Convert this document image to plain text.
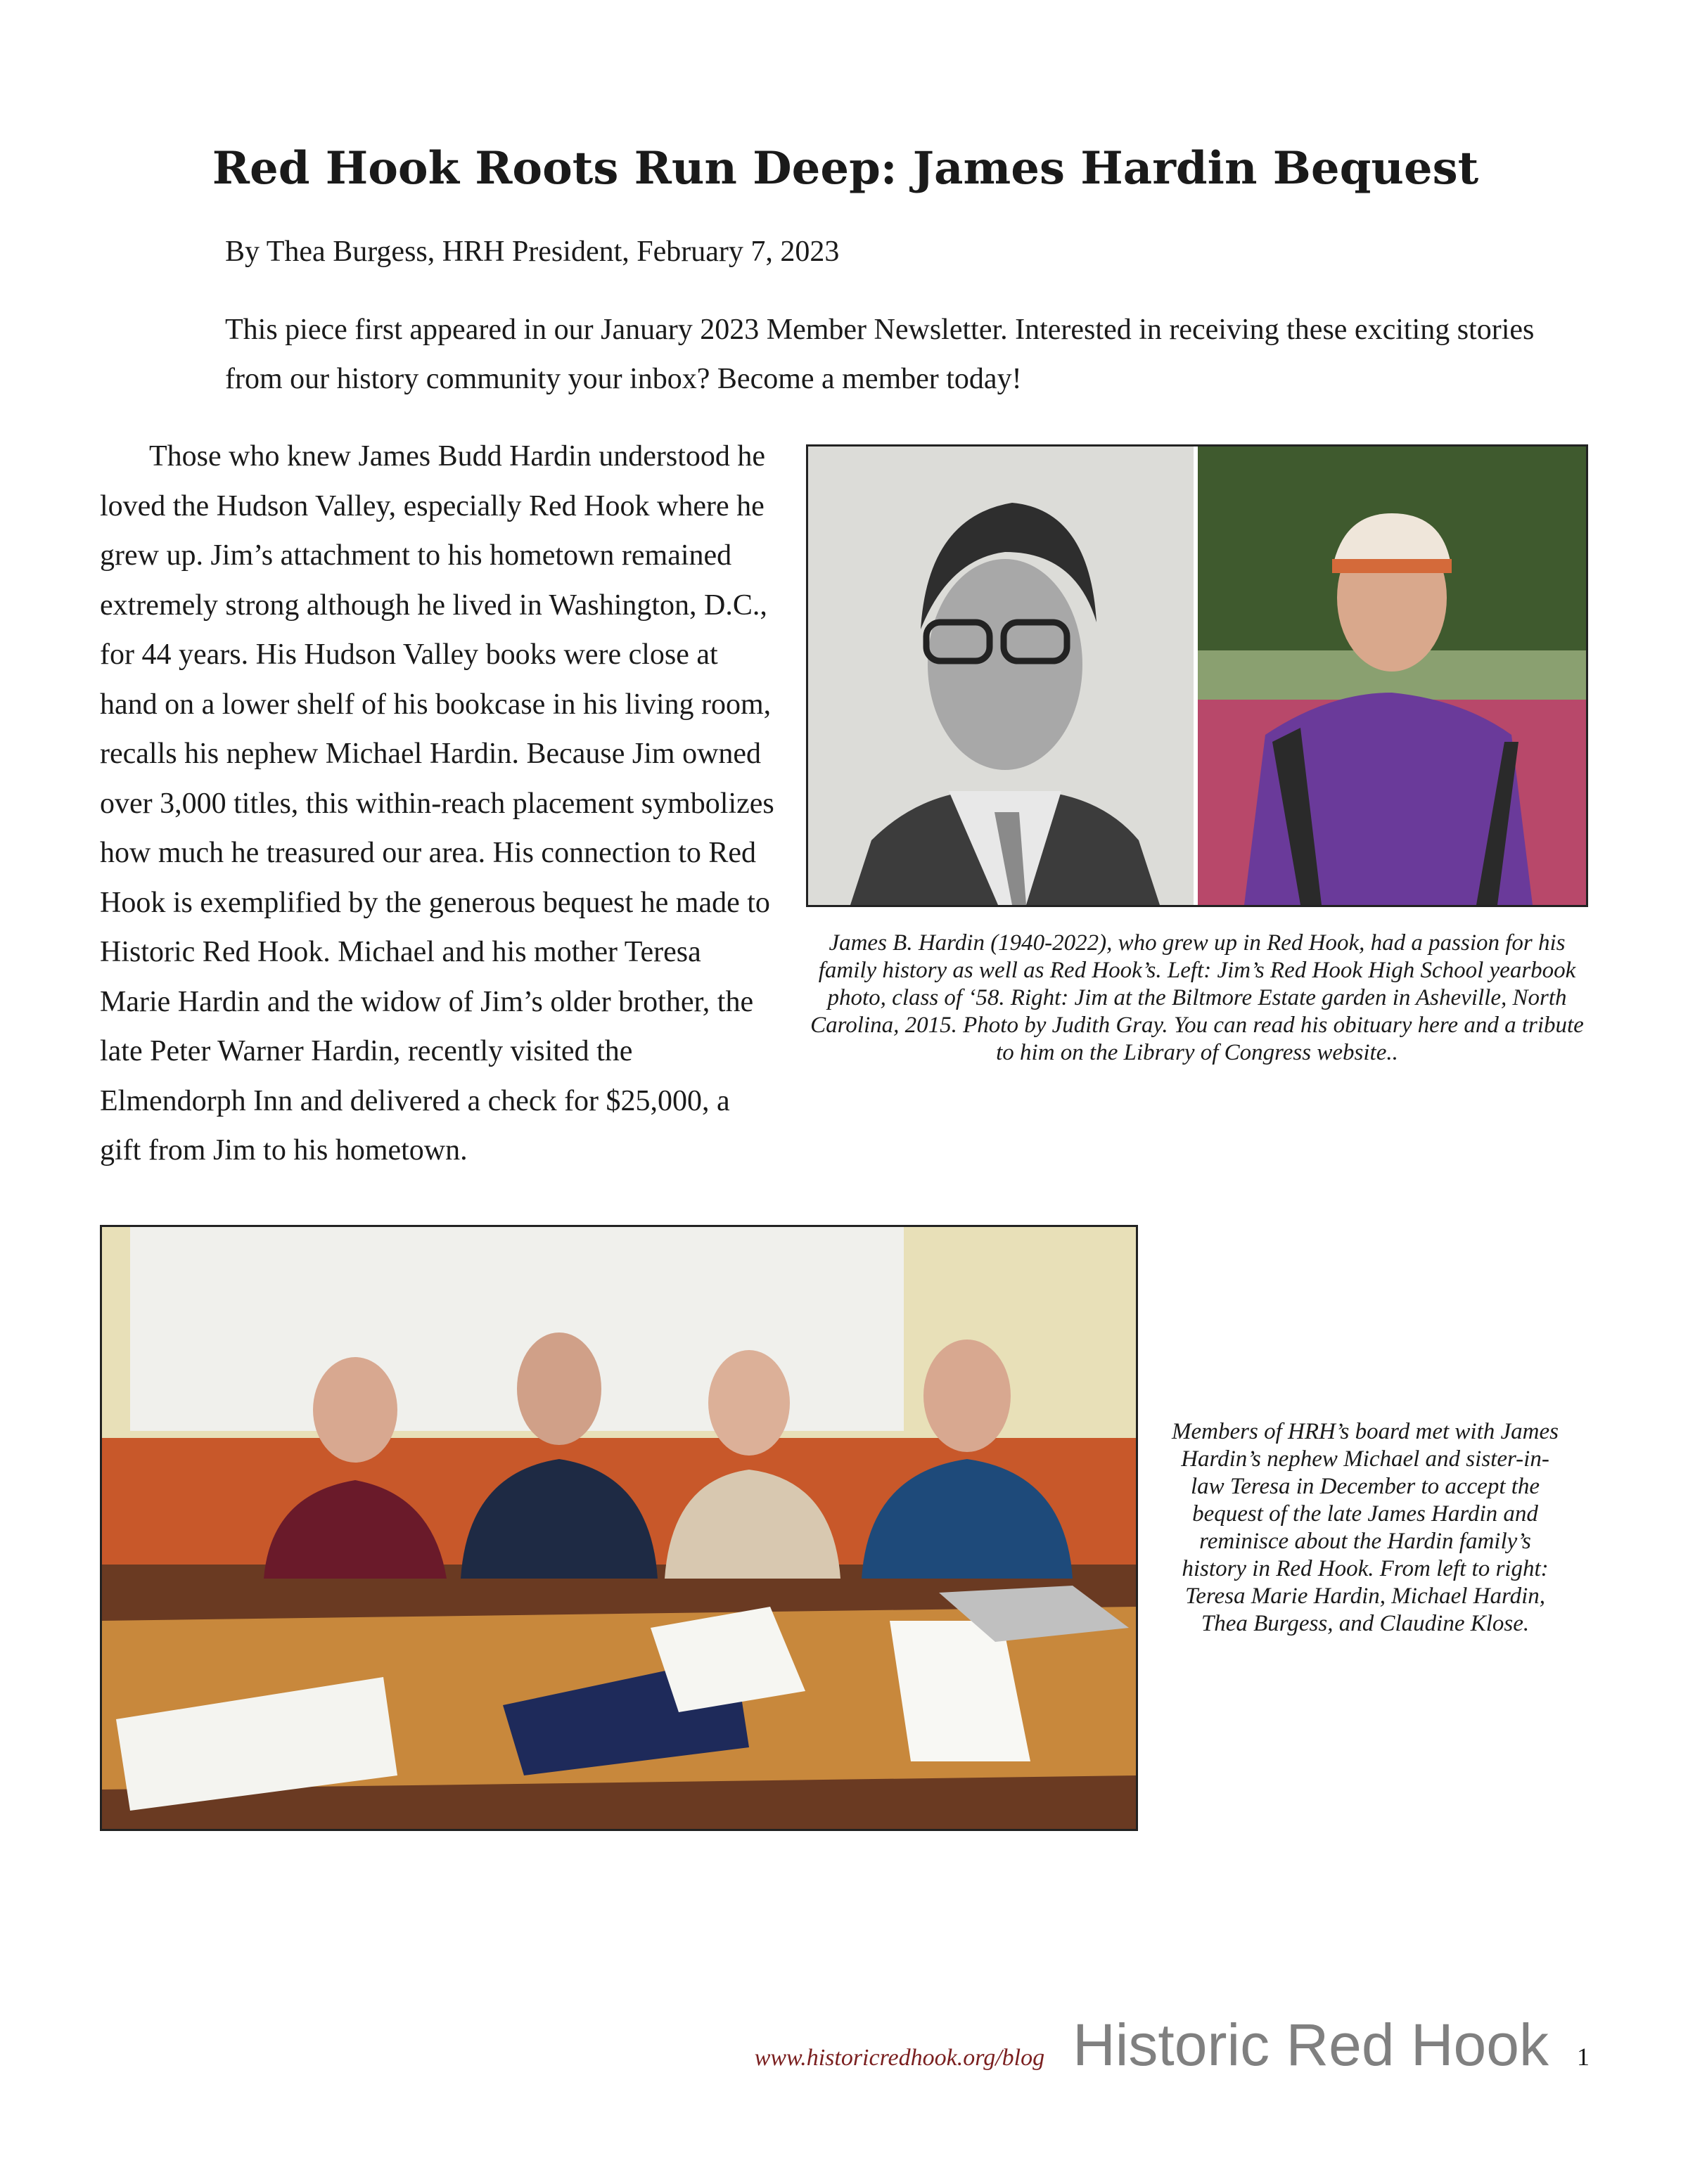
Red Hook Roots Run Deep: James Hardin Bequest
By Thea Burgess, HRH President, February 7, 2023
This piece first appeared in our January 2023 Member Newsletter. Interested in receiving these exciting stories from our history community your inbox? Become a member today!
James B. Hardin (1940-2022), who grew up in Red Hook, had a passion for his family history as well as Red Hook’s. Left: Jim’s Red Hook High School yearbook photo, class of ‘58. Right: Jim at the Biltmore Estate garden in Asheville, North Carolina, 2015. Photo by Judith Gray. You can read his obituary here and a tribute to him on the Library of Congress website..

Those who knew James Budd Hardin understood he loved the Hudson Valley, especially Red Hook where he grew up. Jim’s attachment to his hometown remained extremely strong although he lived in Washington, D.C., for 44 years. His Hudson Valley books were close at hand on a lower shelf of his bookcase in his living room, recalls his nephew Michael Hardin. Because Jim owned over 3,000 titles, this within-reach placement symbolizes how much he treasured our area. His connection to Red Hook is exemplified by the generous bequest he made to Historic Red Hook. Michael and his mother Teresa Marie Hardin and the widow of Jim’s older brother, the late Peter Warner Hardin, recently visited the Elmendorph Inn and delivered a check for $25,000, a gift from Jim to his hometown.

Members of HRH’s board met with James Hardin’s nephew Michael and sister-in-law Teresa in December to accept the bequest of the late James Hardin and reminisce about the Hardin family’s history in Red Hook. From left to right: Teresa Marie Hardin, Michael Hardin, Thea Burgess, and Claudine Klose.
www.historicredhook.org/blog Historic Red Hook 1
